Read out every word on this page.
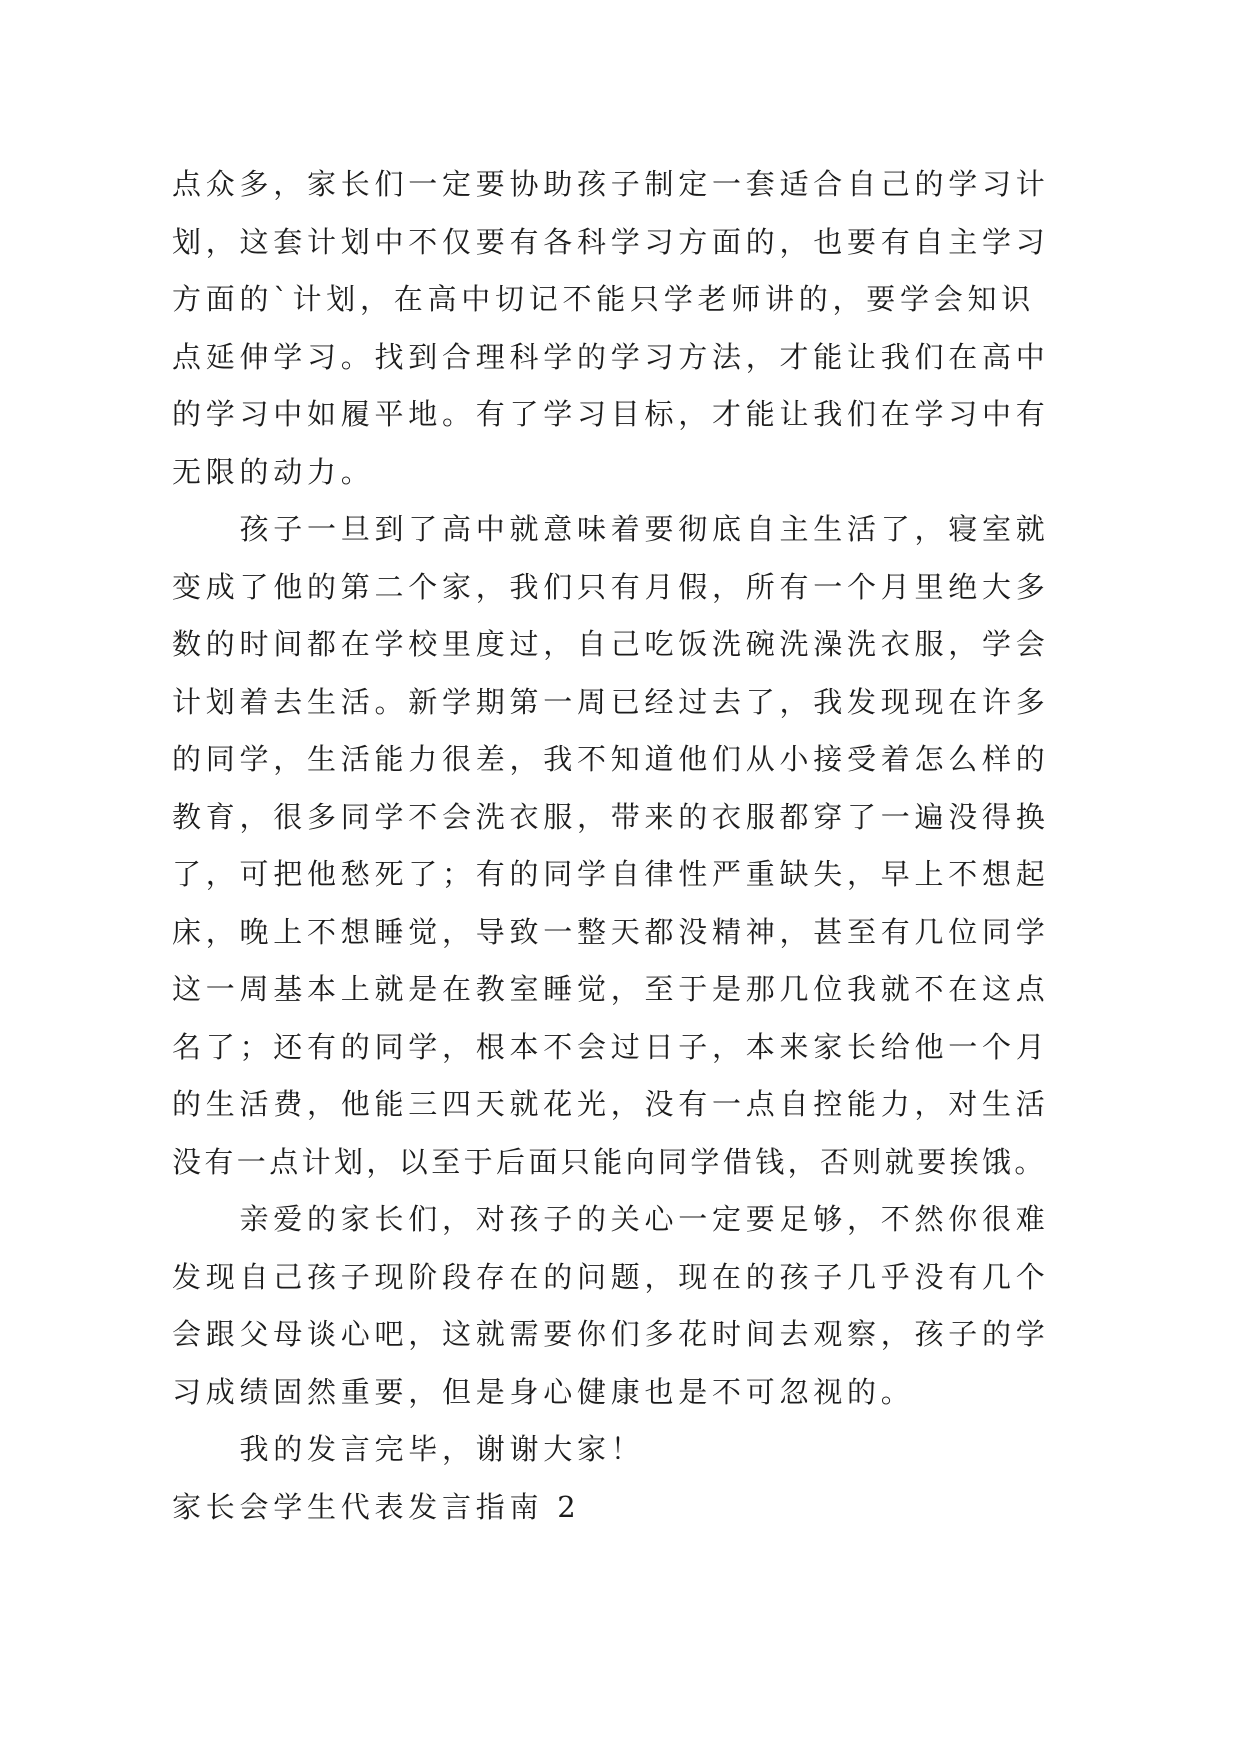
点众多，家长们一定要协助孩子制定一套适合自己的学习计
划，这套计划中不仅要有各科学习方面的，也要有自主学习
方面的`计划，在高中切记不能只学老师讲的，要学会知识
点延伸学习。找到合理科学的学习方法，才能让我们在高中
的学习中如履平地。有了学习目标，才能让我们在学习中有
无限的动力。
孩子一旦到了高中就意味着要彻底自主生活了，寝室就
变成了他的第二个家，我们只有月假，所有一个月里绝大多
数的时间都在学校里度过，自己吃饭洗碗洗澡洗衣服，学会
计划着去生活。新学期第一周已经过去了，我发现现在许多
的同学，生活能力很差，我不知道他们从小接受着怎么样的
教育，很多同学不会洗衣服，带来的衣服都穿了一遍没得换
了，可把他愁死了；有的同学自律性严重缺失，早上不想起
床，晚上不想睡觉，导致一整天都没精神，甚至有几位同学
这一周基本上就是在教室睡觉，至于是那几位我就不在这点
名了；还有的同学，根本不会过日子，本来家长给他一个月
的生活费，他能三四天就花光，没有一点自控能力，对生活
没有一点计划，以至于后面只能向同学借钱，否则就要挨饿。
亲爱的家长们，对孩子的关心一定要足够，不然你很难
发现自己孩子现阶段存在的问题，现在的孩子几乎没有几个
会跟父母谈心吧，这就需要你们多花时间去观察，孩子的学
习成绩固然重要，但是身心健康也是不可忽视的。
我的发言完毕，谢谢大家！
家长会学生代表发言指南 2
